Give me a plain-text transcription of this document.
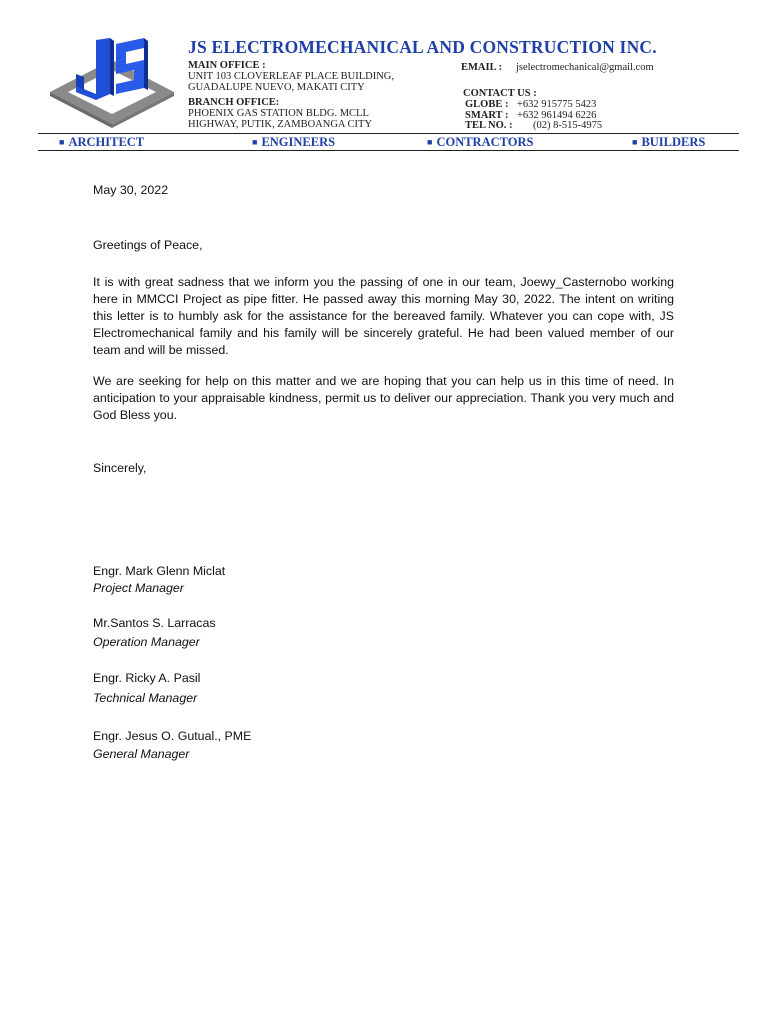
JS ELECTROMECHANICAL AND CONSTRUCTION INC.
MAIN OFFICE :
UNIT 103 CLOVERLEAF PLACE BUILDING,
GUADALUPE NUEVO, MAKATI CITY
BRANCH OFFICE:
PHOENIX GAS STATION BLDG. MCLL
HIGHWAY, PUTIK, ZAMBOANGA CITY
EMAIL : jselectromechanical@gmail.com
CONTACT US :
GLOBE : +632 915775 5423
SMART : +632 961494 6226
TEL NO. : (02) 8-515-4975
■ ARCHITECT	■ ENGINEERS	■ CONTRACTORS	■ BUILDERS
May 30, 2022
Greetings of Peace,
It is with great sadness that we inform you the passing of one in our team, Joewy_Casternobo working here in MMCCI Project as pipe fitter. He passed away this morning May 30, 2022. The intent on writing this letter is to humbly ask for the assistance for the bereaved family. Whatever you can cope with, JS Electromechanical family and his family will be sincerely grateful. He had been valued member of our team and will be missed.
We are seeking for help on this matter and we are hoping that you can help us in this time of need. In anticipation to your appraisable kindness, permit us to deliver our appreciation. Thank you very much and God Bless you.
Sincerely,
Engr. Mark Glenn Miclat
Project Manager
Mr.Santos S. Larracas
Operation Manager
Engr. Ricky A. Pasil
Technical Manager
Engr. Jesus O. Gutual., PME
General Manager
